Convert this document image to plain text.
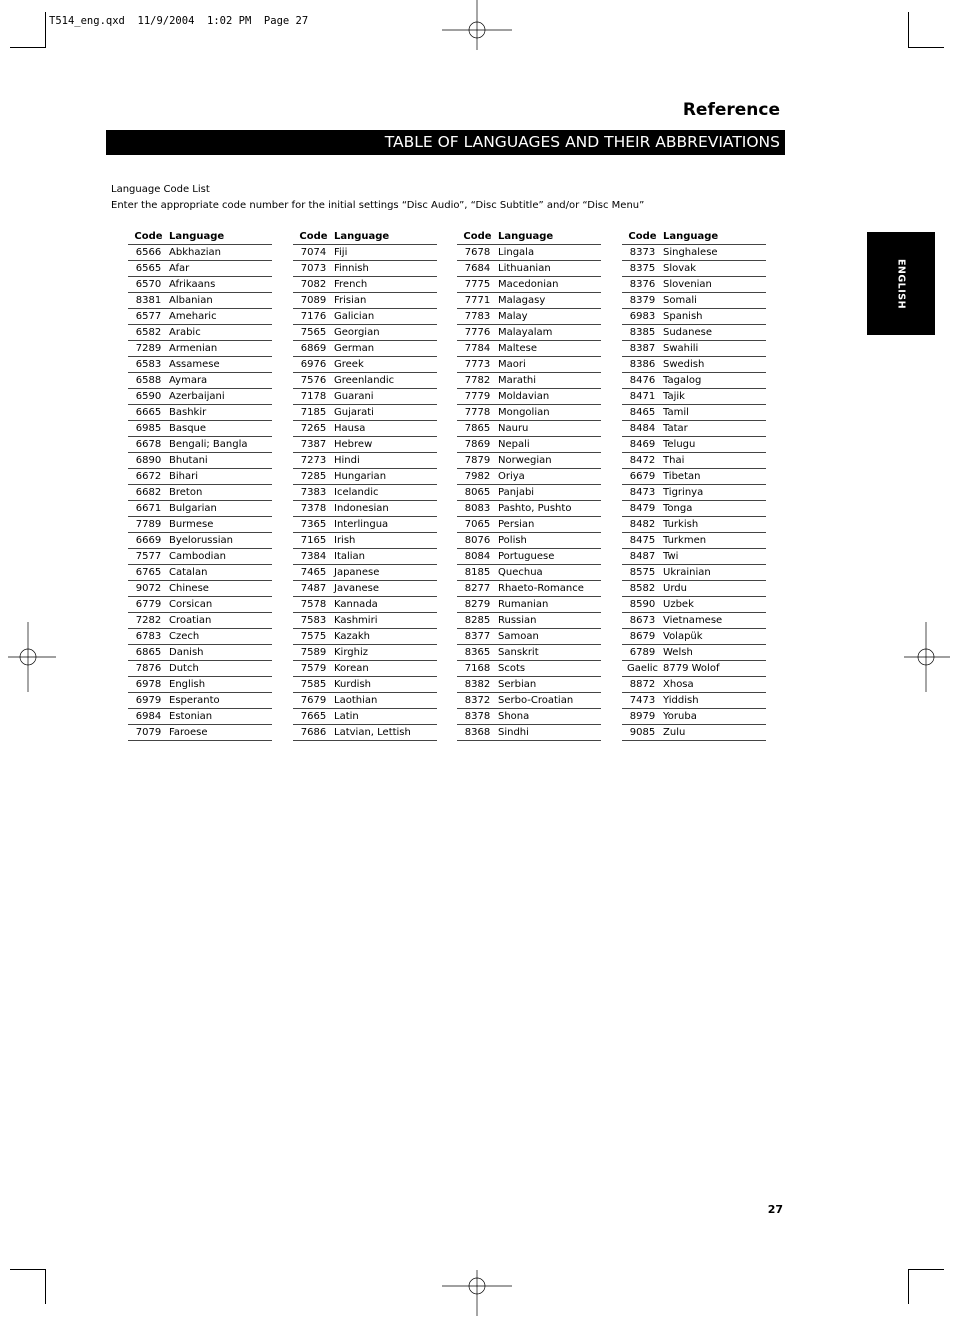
T514_eng.qxd  11/9/2004  1:02 PM  Page 27
Reference
TABLE OF LANGUAGES AND THEIR ABBREVIATIONS
ENGLISH
Language Code List
Enter the appropriate code number for the initial settings “Disc Audio”, “Disc Subtitle” and/or “Disc Menu”
Code Language
6566 Abkhazian
6565 Afar
6570 Afrikaans
8381 Albanian
6577 Ameharic
6582 Arabic
7289 Armenian
6583 Assamese
6588 Aymara
6590 Azerbaijani
6665 Bashkir
6985 Basque
6678 Bengali; Bangla
6890 Bhutani
6672 Bihari
6682 Breton
6671 Bulgarian
7789 Burmese
6669 Byelorussian
7577 Cambodian
6765 Catalan
9072 Chinese
6779 Corsican
7282 Croatian
6783 Czech
6865 Danish
7876 Dutch
6978 English
6979 Esperanto
6984 Estonian
7079 Faroese
Code Language
7074 Fiji
7073 Finnish
7082 French
7089 Frisian
7176 Galician
7565 Georgian
6869 German
6976 Greek
7576 Greenlandic
7178 Guarani
7185 Gujarati
7265 Hausa
7387 Hebrew
7273 Hindi
7285 Hungarian
7383 Icelandic
7378 Indonesian
7365 Interlingua
7165 Irish
7384 Italian
7465 Japanese
7487 Javanese
7578 Kannada
7583 Kashmiri
7575 Kazakh
7589 Kirghiz
7579 Korean
7585 Kurdish
7679 Laothian
7665 Latin
7686 Latvian, Lettish
Code Language
7678 Lingala
7684 Lithuanian
7775 Macedonian
7771 Malagasy
7783 Malay
7776 Malayalam
7784 Maltese
7773 Maori
7782 Marathi
7779 Moldavian
7778 Mongolian
7865 Nauru
7869 Nepali
7879 Norwegian
7982 Oriya
8065 Panjabi
8083 Pashto, Pushto
7065 Persian
8076 Polish
8084 Portuguese
8185 Quechua
8277 Rhaeto-Romance
8279 Rumanian
8285 Russian
8377 Samoan
8365 Sanskrit
7168 Scots
8382 Serbian
8372 Serbo-Croatian
8378 Shona
8368 Sindhi
Code Language
8373 Singhalese
8375 Slovak
8376 Slovenian
8379 Somali
6983 Spanish
8385 Sudanese
8387 Swahili
8386 Swedish
8476 Tagalog
8471 Tajik
8465 Tamil
8484 Tatar
8469 Telugu
8472 Thai
6679 Tibetan
8473 Tigrinya
8479 Tonga
8482 Turkish
8475 Turkmen
8487 Twi
8575 Ukrainian
8582 Urdu
8590 Uzbek
8673 Vietnamese
8679 Volapük
6789 Welsh
Gaelic 8779 Wolof
8872 Xhosa
7473 Yiddish
8979 Yoruba
9085 Zulu
27
